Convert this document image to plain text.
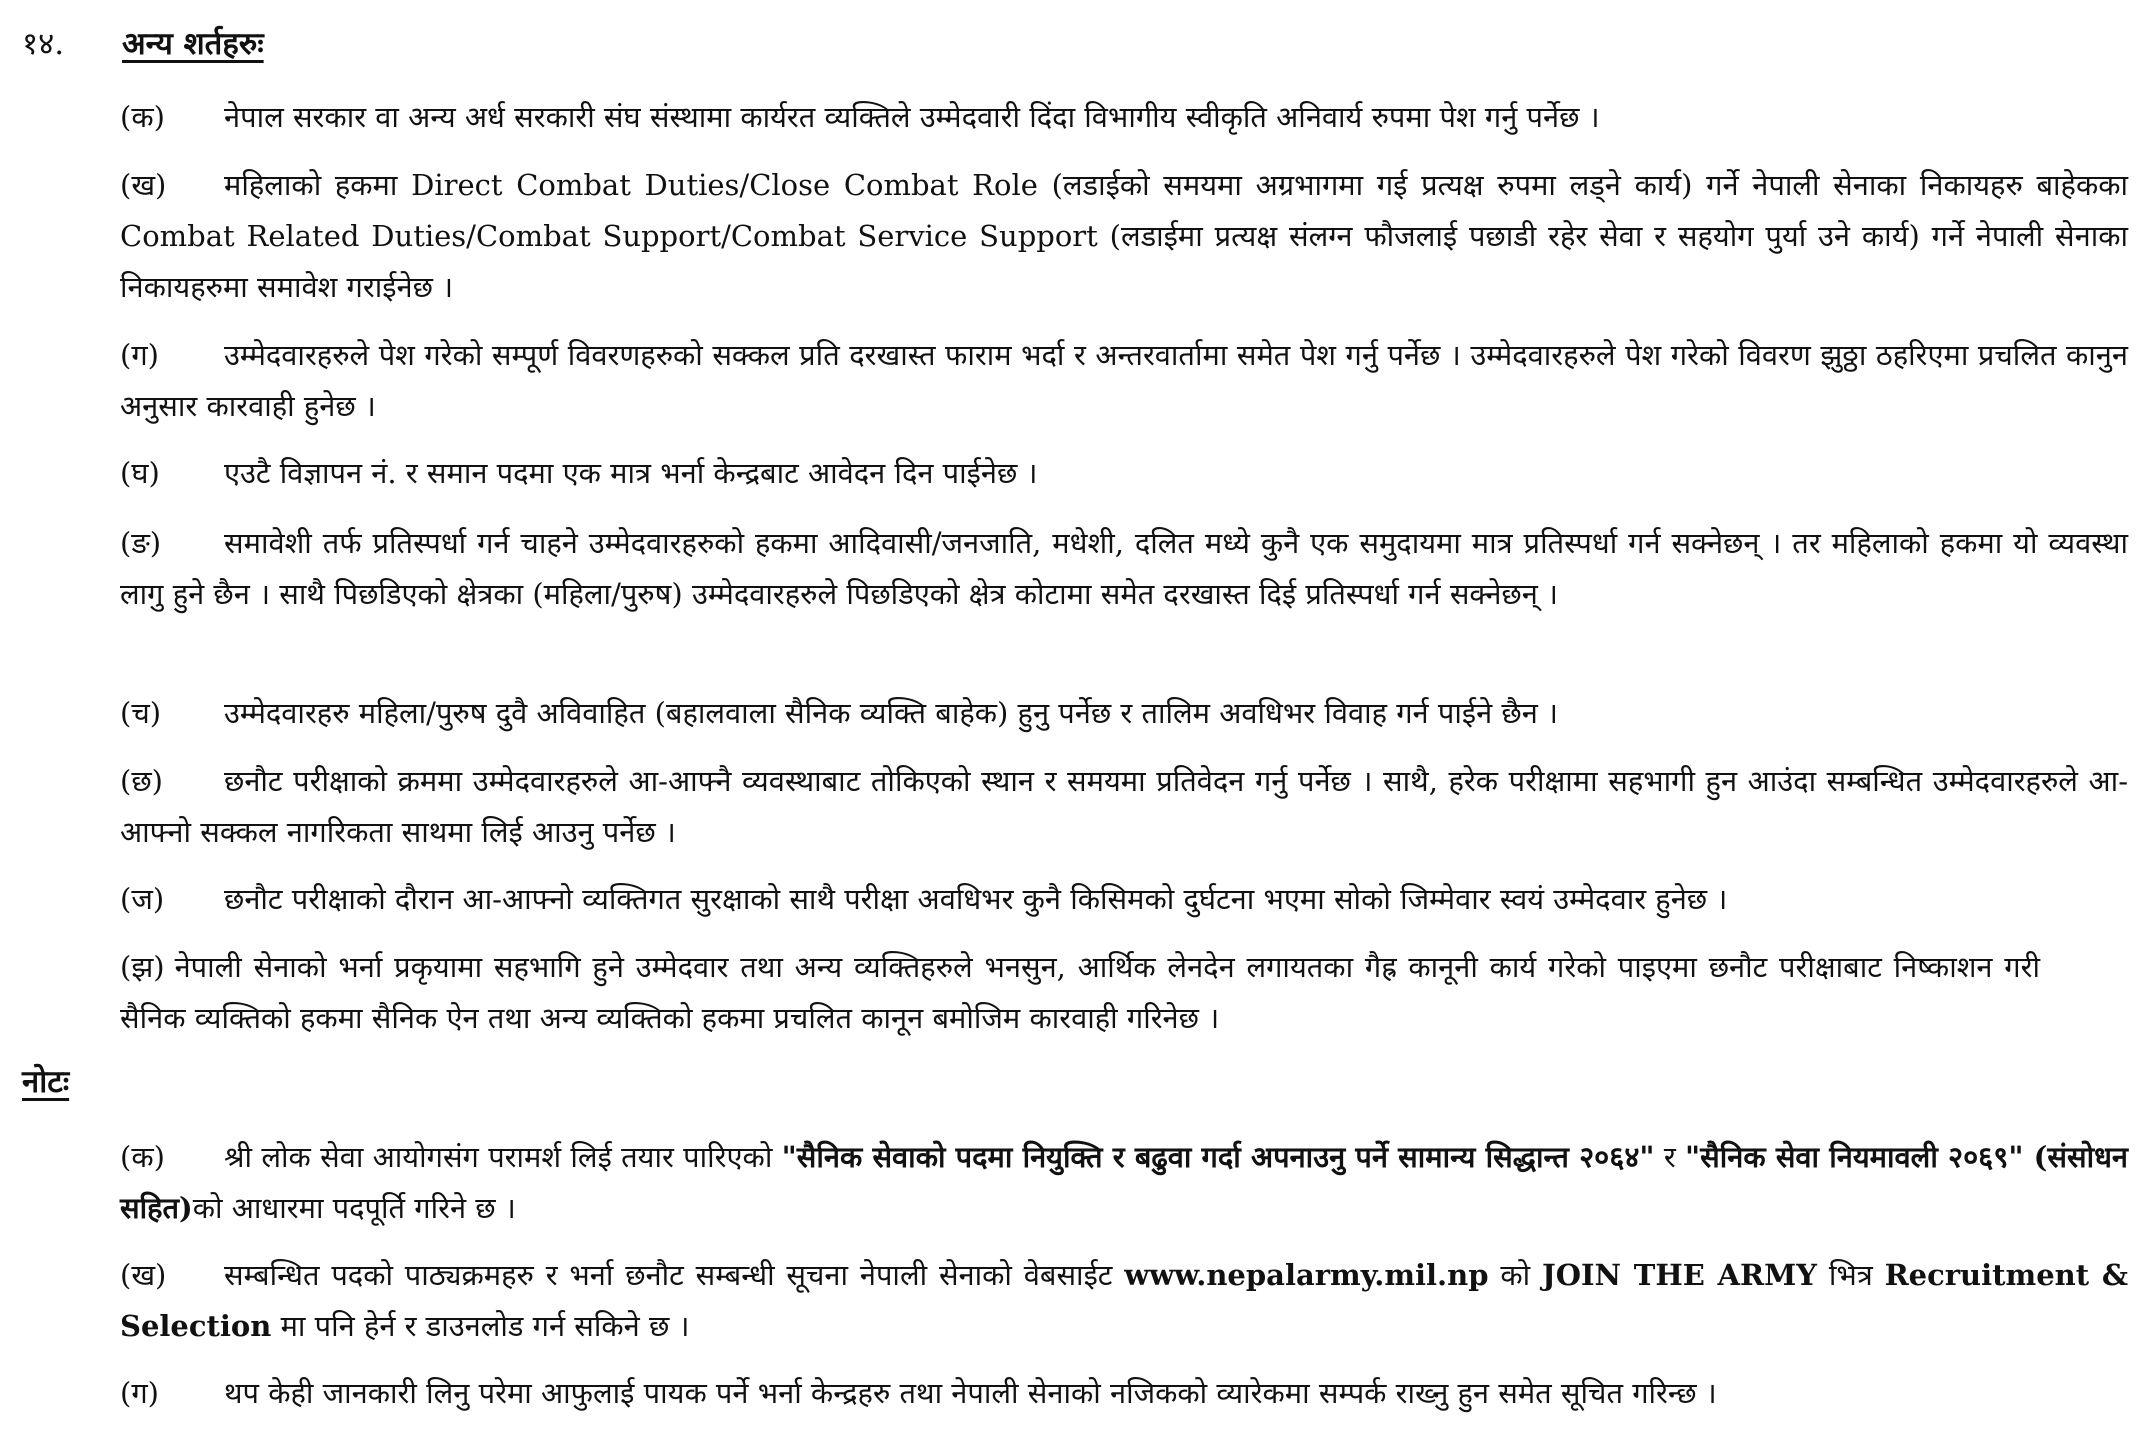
१४.	अन्य शर्तहरुः
(क) नेपाल सरकार वा अन्य अर्ध सरकारी संघ संस्थामा कार्यरत व्यक्तिले उम्मेदवारी दिंदा विभागीय स्वीकृति अनिवार्य रुपमा पेश गर्नु पर्नेछ ।
(ख) महिलाको हकमा Direct Combat Duties/Close Combat Role (लडाईको समयमा अग्रभागमा गई प्रत्यक्ष रुपमा लड्ने कार्य) गर्ने नेपाली सेनाका निकायहरु बाहेकका Combat Related Duties/Combat Support/Combat Service Support (लडाईमा प्रत्यक्ष संलग्न फौजलाई पछाडी रहेर सेवा र सहयोग पुर्या उने कार्य) गर्ने नेपाली सेनाका निकायहरुमा समावेश गराईनेछ ।
(ग) उम्मेदवारहरुले पेश गरेको सम्पूर्ण विवरणहरुको सक्कल प्रति दरखास्त फाराम भर्दा र अन्तरवार्तामा समेत पेश गर्नु पर्नेछ । उम्मेदवारहरुले पेश गरेको विवरण झुठ्ठा ठहरिएमा प्रचलित कानुन अनुसार कारवाही हुनेछ ।
(घ) एउटै विज्ञापन नं. र समान पदमा एक मात्र भर्ना केन्द्रबाट आवेदन दिन पाईनेछ ।
(ङ) समावेशी तर्फ प्रतिस्पर्धा गर्न चाहने उम्मेदवारहरुको हकमा आदिवासी/जनजाति, मधेशी, दलित मध्ये कुनै एक समुदायमा मात्र प्रतिस्पर्धा गर्न सक्नेछन् । तर महिलाको हकमा यो व्यवस्था लागु हुने छैन । साथै पिछडिएको क्षेत्रका (महिला/पुरुष) उम्मेदवारहरुले पिछडिएको क्षेत्र कोटामा समेत दरखास्त दिई प्रतिस्पर्धा गर्न सक्नेछन् ।
(च) उम्मेदवारहरु महिला/पुरुष दुवै अविवाहित (बहालवाला सैनिक व्यक्ति बाहेक) हुनु पर्नेछ र तालिम अवधिभर विवाह गर्न पाईने छैन ।
(छ) छनौट परीक्षाको क्रममा उम्मेदवारहरुले आ-आफ्नै व्यवस्थाबाट तोकिएको स्थान र समयमा प्रतिवेदन गर्नु पर्नेछ । साथै, हरेक परीक्षामा सहभागी हुन आउंदा सम्बन्धित उम्मेदवारहरुले आ-आफ्नो सक्कल नागरिकता साथमा लिई आउनु पर्नेछ ।
(ज) छनौट परीक्षाको दौरान आ-आफ्नो व्यक्तिगत सुरक्षाको साथै परीक्षा अवधिभर कुनै किसिमको दुर्घटना भएमा सोको जिम्मेवार स्वयं उम्मेदवार हुनेछ ।
(झ) नेपाली सेनाको भर्ना प्रकृयामा सहभागि हुने उम्मेदवार तथा अन्य व्यक्तिहरुले भनसुन, आर्थिक लेनदेन लगायतका गैह्र कानूनी कार्य गरेको पाइएमा छनौट परीक्षाबाट निष्काशन गरी सैनिक व्यक्तिको हकमा सैनिक ऐन तथा अन्य व्यक्तिको हकमा प्रचलित कानून बमोजिम कारवाही गरिनेछ ।
नोटः
(क) श्री लोक सेवा आयोगसंग परामर्श लिई तयार पारिएको "सैनिक सेवाको पदमा नियुक्ति र बढुवा गर्दा अपनाउनु पर्ने सामान्य सिद्धान्त २०६४" र "सैनिक सेवा नियमावली २०६९" (संसोधन सहित)को आधारमा पदपूर्ति गरिने छ ।
(ख) सम्बन्धित पदको पाठ्यक्रमहरु र भर्ना छनौट सम्बन्धी सूचना नेपाली सेनाको वेबसाईट www.nepalarmy.mil.np को JOIN THE ARMY भित्र Recruitment & Selection मा पनि हेर्न र डाउनलोड गर्न सकिने छ ।
(ग) थप केही जानकारी लिनु परेमा आफुलाई पायक पर्ने भर्ना केन्द्रहरु तथा नेपाली सेनाको नजिकको व्यारेकमा सम्पर्क राख्नु हुन समेत सूचित गरिन्छ ।
